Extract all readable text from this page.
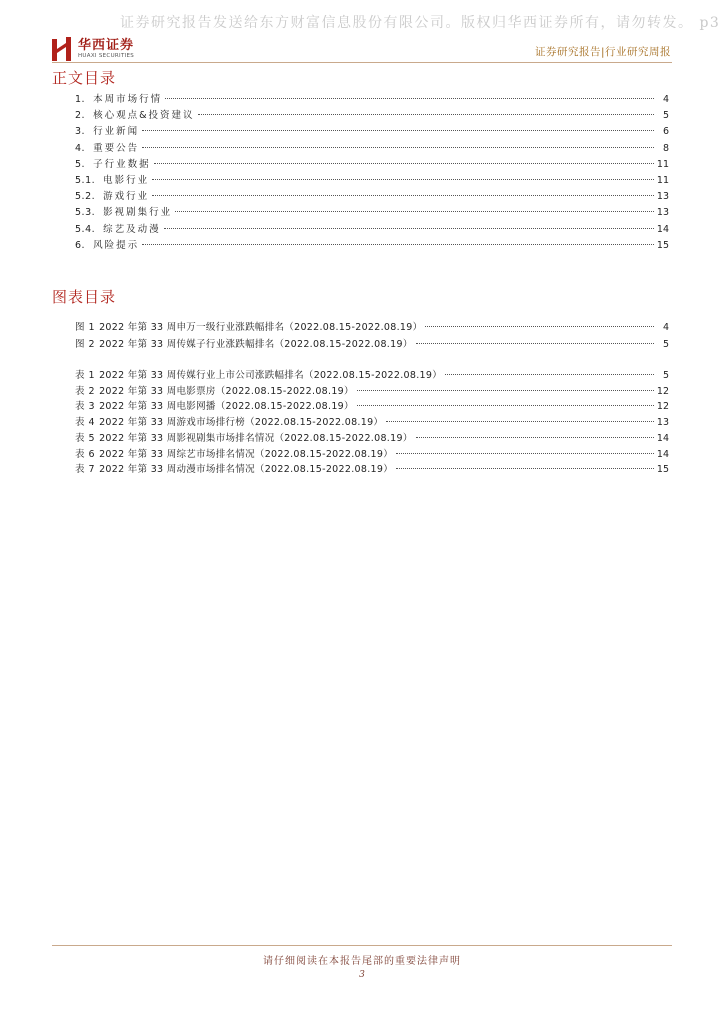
证券研究报告发送给东方财富信息股份有限公司。版权归华西证券所有，请勿转发。 p3
华西证券
HUAXI SECURITIES	证券研究报告|行业研究周报
正文目录
1. 本周市场行情	4
2. 核心观点&投资建议	5
3. 行业新闻	6
4. 重要公告	8
5. 子行业数据	11
5.1. 电影行业	11
5.2. 游戏行业	13
5.3. 影视剧集行业	13
5.4. 综艺及动漫	14
6. 风险提示	15
图表目录
图 1 2022 年第 33 周申万一级行业涨跌幅排名（2022.08.15-2022.08.19）	4
图 2 2022 年第 33 周传媒子行业涨跌幅排名（2022.08.15-2022.08.19）	5
表 1 2022 年第 33 周传媒行业上市公司涨跌幅排名（2022.08.15-2022.08.19）	5
表 2 2022 年第 33 周电影票房（2022.08.15-2022.08.19）	12
表 3 2022 年第 33 周电影网播（2022.08.15-2022.08.19）	12
表 4 2022 年第 33 周游戏市场排行榜（2022.08.15-2022.08.19）	13
表 5 2022 年第 33 周影视剧集市场排名情况（2022.08.15-2022.08.19）	14
表 6 2022 年第 33 周综艺市场排名情况（2022.08.15-2022.08.19）	14
表 7 2022 年第 33 周动漫市场排名情况（2022.08.15-2022.08.19）	15
请仔细阅读在本报告尾部的重要法律声明
3
